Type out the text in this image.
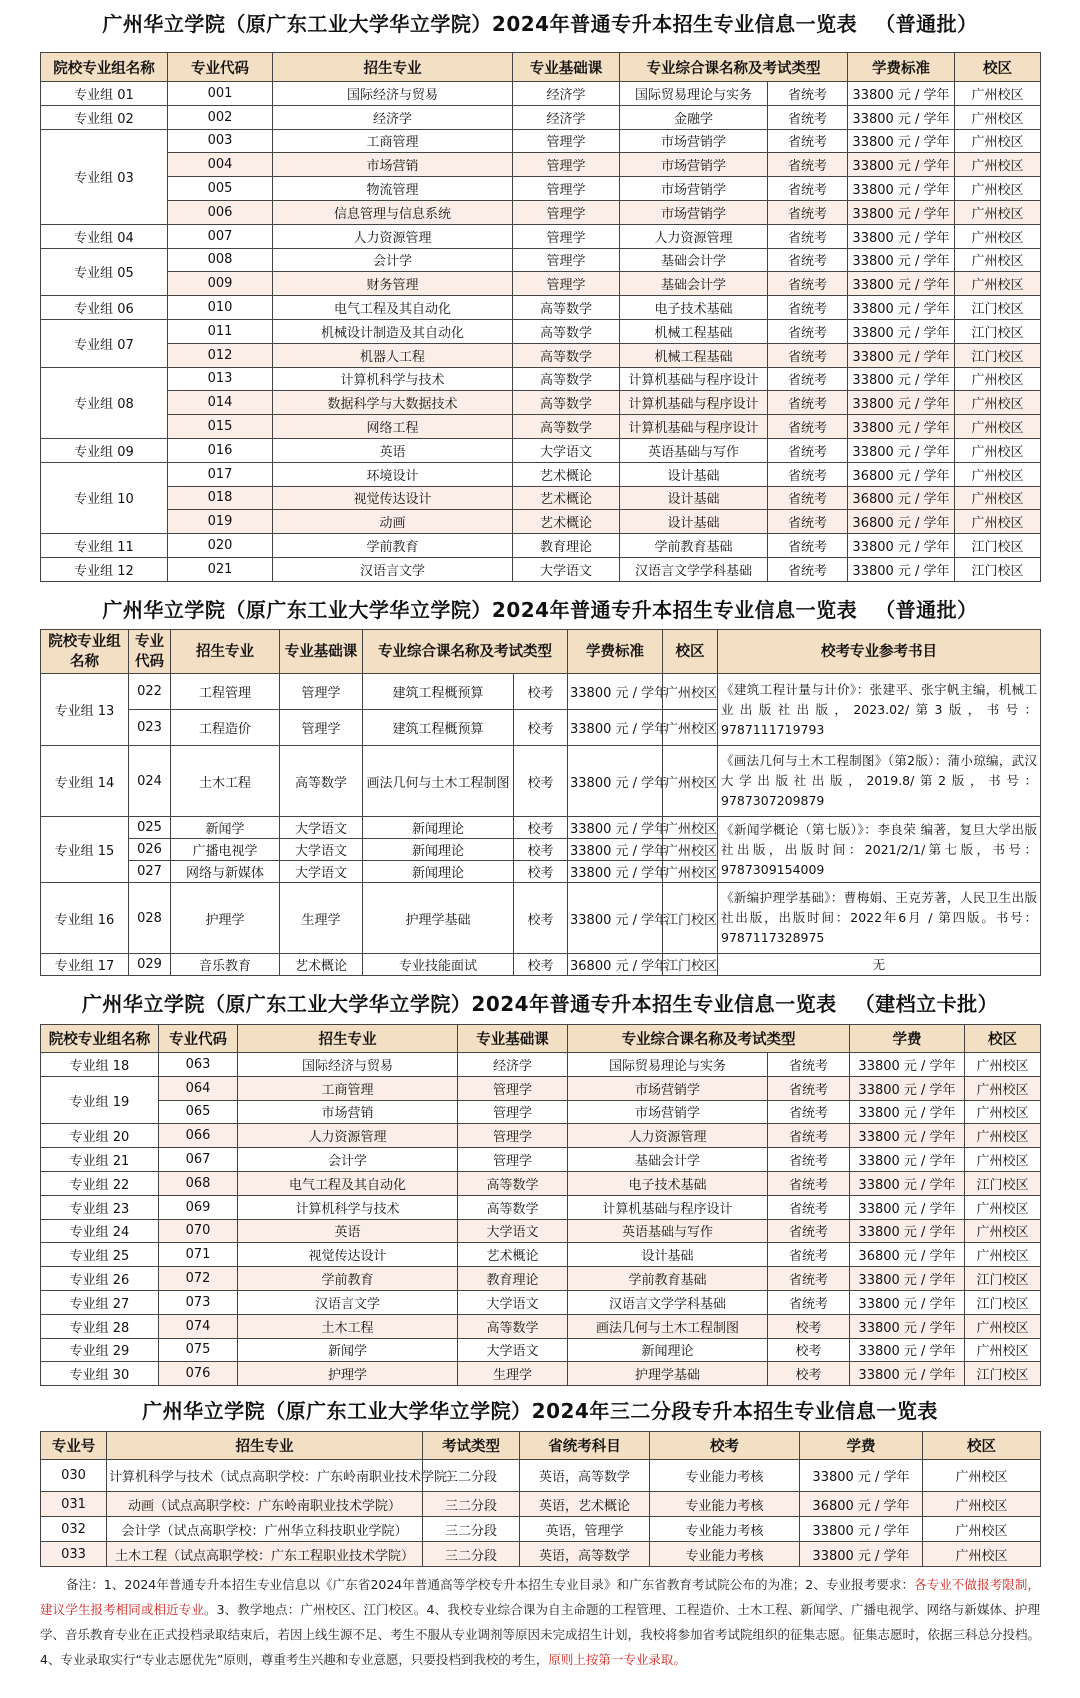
广州华立学院（原广东工业大学华立学院）2024年普通专升本招生专业信息一览表 （普通批）
院校专业组名称	专业代码	招生专业	专业基础课	专业综合课名称及考试类型		学费标准	校区
专业组 01	001	国际经济与贸易	经济学	国际贸易理论与实务	省统考	33800 元 / 学年	广州校区
专业组 02	002	经济学	经济学	金融学	省统考	33800 元 / 学年	广州校区
专业组 03	003	工商管理	管理学	市场营销学	省统考	33800 元 / 学年	广州校区
	004	市场营销	管理学	市场营销学	省统考	33800 元 / 学年	广州校区
	005	物流管理	管理学	市场营销学	省统考	33800 元 / 学年	广州校区
	006	信息管理与信息系统	管理学	市场营销学	省统考	33800 元 / 学年	广州校区
专业组 04	007	人力资源管理	管理学	人力资源管理	省统考	33800 元 / 学年	广州校区
专业组 05	008	会计学	管理学	基础会计学	省统考	33800 元 / 学年	广州校区
	009	财务管理	管理学	基础会计学	省统考	33800 元 / 学年	广州校区
专业组 06	010	电气工程及其自动化	高等数学	电子技术基础	省统考	33800 元 / 学年	江门校区
专业组 07	011	机械设计制造及其自动化	高等数学	机械工程基础	省统考	33800 元 / 学年	江门校区
	012	机器人工程	高等数学	机械工程基础	省统考	33800 元 / 学年	江门校区
专业组 08	013	计算机科学与技术	高等数学	计算机基础与程序设计	省统考	33800 元 / 学年	广州校区
	014	数据科学与大数据技术	高等数学	计算机基础与程序设计	省统考	33800 元 / 学年	广州校区
	015	网络工程	高等数学	计算机基础与程序设计	省统考	33800 元 / 学年	广州校区
专业组 09	016	英语	大学语文	英语基础与写作	省统考	33800 元 / 学年	广州校区
专业组 10	017	环境设计	艺术概论	设计基础	省统考	36800 元 / 学年	广州校区
	018	视觉传达设计	艺术概论	设计基础	省统考	36800 元 / 学年	广州校区
	019	动画	艺术概论	设计基础	省统考	36800 元 / 学年	广州校区
专业组 11	020	学前教育	教育理论	学前教育基础	省统考	33800 元 / 学年	江门校区
专业组 12	021	汉语言文学	大学语文	汉语言文学学科基础	省统考	33800 元 / 学年	江门校区
广州华立学院（原广东工业大学华立学院）2024年普通专升本招生专业信息一览表 （普通批）
院校专业组名称	专业代码	招生专业	专业基础课	专业综合课名称及考试类型		学费标准	校区	校考专业参考书目
专业组 13	022	工程管理	管理学	建筑工程概预算	校考	33800 元 / 学年	广州校区	《建筑工程计量与计价》：张建平、张宇帆主编，机械工业出版社出版，2023.02/第3版，书号：9787111719793
	023	工程造价	管理学	建筑工程概预算	校考	33800 元 / 学年	广州校区	
专业组 14	024	土木工程	高等数学	画法几何与土木工程制图	校考	33800 元 / 学年	广州校区	《画法几何与土木工程制图》（第2版）：蒲小琼编，武汉大学出版社出版，2019.8/第2版，书号：9787307209879
专业组 15	025	新闻学	大学语文	新闻理论	校考	33800 元 / 学年	广州校区	《新闻学概论（第七版）》：李良荣 编著，复旦大学出版社出版，出版时间：2021/2/1/第七版，书号：9787309154009
	026	广播电视学	大学语文	新闻理论	校考	33800 元 / 学年	广州校区	
	027	网络与新媒体	大学语文	新闻理论	校考	33800 元 / 学年	广州校区	
专业组 16	028	护理学	生理学	护理学基础	校考	33800 元 / 学年	江门校区	《新编护理学基础》：曹梅娟、王克芳著，人民卫生出版社出版，出版时间：2022年6月 / 第四版。书号：9787117328975
专业组 17	029	音乐教育	艺术概论	专业技能面试	校考	36800 元 / 学年	江门校区	无
广州华立学院（原广东工业大学华立学院）2024年普通专升本招生专业信息一览表 （建档立卡批）
院校专业组名称	专业代码	招生专业	专业基础课	专业综合课名称及考试类型		学费	校区
专业组 18	063	国际经济与贸易	经济学	国际贸易理论与实务	省统考	33800 元 / 学年	广州校区
专业组 19	064	工商管理	管理学	市场营销学	省统考	33800 元 / 学年	广州校区
	065	市场营销	管理学	市场营销学	省统考	33800 元 / 学年	广州校区
专业组 20	066	人力资源管理	管理学	人力资源管理	省统考	33800 元 / 学年	广州校区
专业组 21	067	会计学	管理学	基础会计学	省统考	33800 元 / 学年	广州校区
专业组 22	068	电气工程及其自动化	高等数学	电子技术基础	省统考	33800 元 / 学年	江门校区
专业组 23	069	计算机科学与技术	高等数学	计算机基础与程序设计	省统考	33800 元 / 学年	广州校区
专业组 24	070	英语	大学语文	英语基础与写作	省统考	33800 元 / 学年	广州校区
专业组 25	071	视觉传达设计	艺术概论	设计基础	省统考	36800 元 / 学年	广州校区
专业组 26	072	学前教育	教育理论	学前教育基础	省统考	33800 元 / 学年	江门校区
专业组 27	073	汉语言文学	大学语文	汉语言文学学科基础	省统考	33800 元 / 学年	江门校区
专业组 28	074	土木工程	高等数学	画法几何与土木工程制图	校考	33800 元 / 学年	广州校区
专业组 29	075	新闻学	大学语文	新闻理论	校考	33800 元 / 学年	广州校区
专业组 30	076	护理学	生理学	护理学基础	校考	33800 元 / 学年	江门校区
广州华立学院（原广东工业大学华立学院）2024年三二分段专升本招生专业信息一览表
专业号	招生专业	考试类型	省统考科目	校考	学费	校区
030	计算机科学与技术（试点高职学校：广东岭南职业技术学院）	三二分段	英语，高等数学	专业能力考核	33800 元 / 学年	广州校区
031	动画（试点高职学校：广东岭南职业技术学院）	三二分段	英语，艺术概论	专业能力考核	36800 元 / 学年	广州校区
032	会计学（试点高职学校：广州华立科技职业学院）	三二分段	英语，管理学	专业能力考核	33800 元 / 学年	广州校区
033	土木工程（试点高职学校：广东工程职业技术学院）	三二分段	英语，高等数学	专业能力考核	33800 元 / 学年	广州校区
备注：1、2024年普通专升本招生专业信息以《广东省2024年普通高等学校专升本招生专业目录》和广东省教育考试院公布的为准；2、专业报考要求：各专业不做报考限制，建议学生报考相同或相近专业。3、教学地点：广州校区、江门校区。4、我校专业综合课为自主命题的工程管理、工程造价、土木工程、新闻学、广播电视学、网络与新媒体、护理学、音乐教育专业在正式投档录取结束后，若因上线生源不足、考生不服从专业调剂等原因未完成招生计划，我校将参加省考试院组织的征集志愿。征集志愿时，依据三科总分投档。4、专业录取实行“专业志愿优先”原则，尊重考生兴趣和专业意愿，只要投档到我校的考生，原则上按第一专业录取。
